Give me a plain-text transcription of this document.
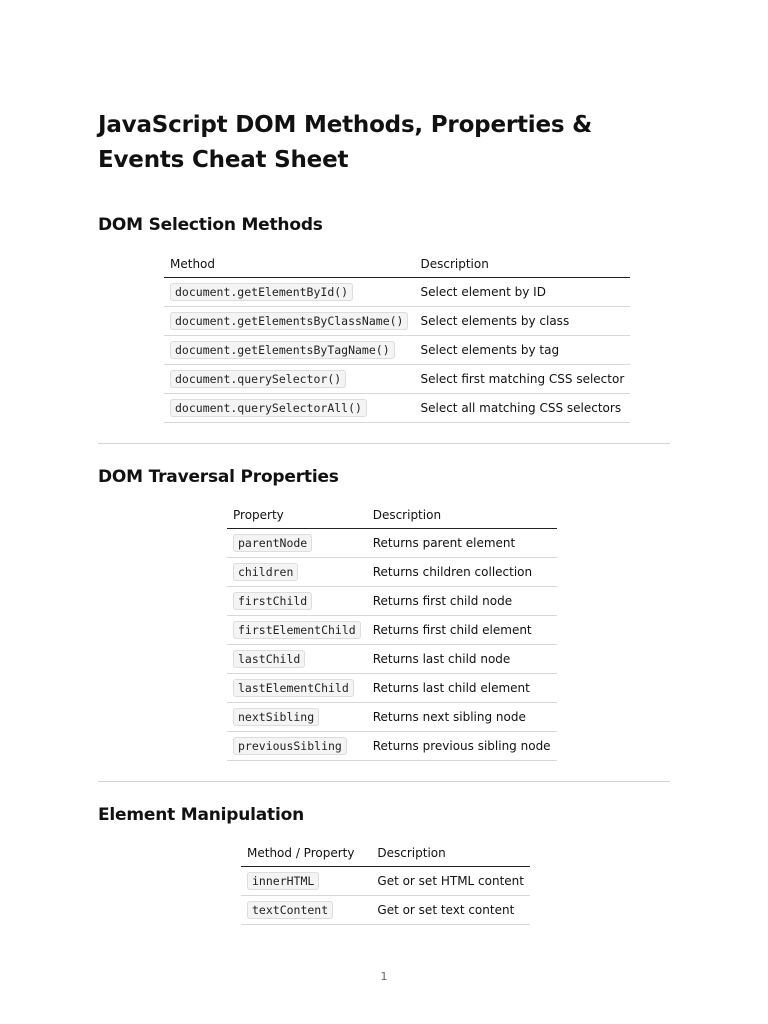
JavaScript DOM Methods, Properties & Events Cheat Sheet
DOM Selection Methods
Method	Description
document.getElementById()	Select element by ID
document.getElementsByClassName()	Select elements by class
document.getElementsByTagName()	Select elements by tag
document.querySelector()	Select first matching CSS selector
document.querySelectorAll()	Select all matching CSS selectors
DOM Traversal Properties
Property	Description
parentNode	Returns parent element
children	Returns children collection
firstChild	Returns first child node
firstElementChild	Returns first child element
lastChild	Returns last child node
lastElementChild	Returns last child element
nextSibling	Returns next sibling node
previousSibling	Returns previous sibling node
Element Manipulation
Method / Property	Description
innerHTML	Get or set HTML content
textContent	Get or set text content
1
